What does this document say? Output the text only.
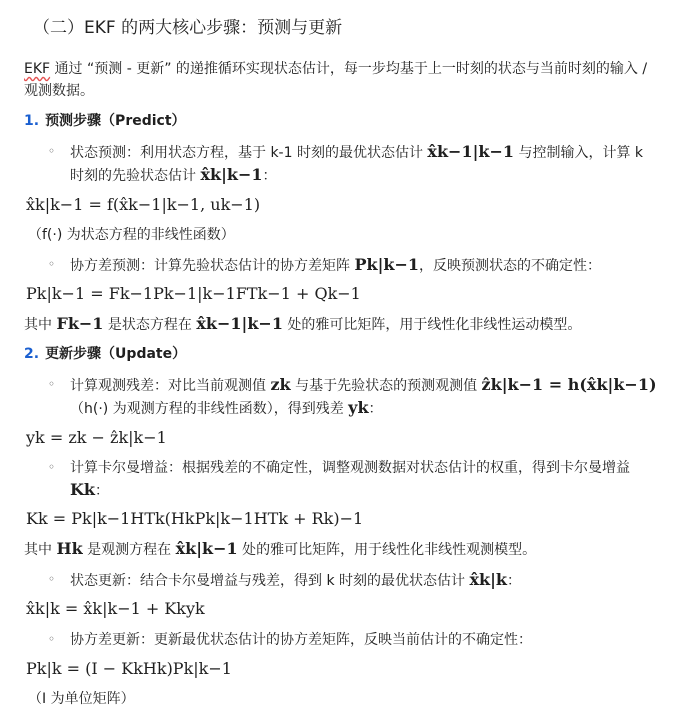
（二）EKF 的两大核心步骤：预测与更新
EKF 通过 “预测 - 更新” 的递推循环实现状态估计，每一步均基于上一时刻的状态与当前时刻的输入 / 观测数据。
1. 预测步骤（Predict）
◦ 状态预测：利用状态方程，基于 k-1 时刻的最优状态估计 x̂k−1|k−1 与控制输入，计算 k 时刻的先验状态估计 x̂k|k−1：
x̂k|k−1 = f(x̂k−1|k−1, uk−1)
（f(·) 为状态方程的非线性函数）
◦ 协方差预测：计算先验状态估计的协方差矩阵 Pk|k−1，反映预测状态的不确定性：
Pk|k−1 = Fk−1Pk−1|k−1FTk−1 + Qk−1
其中 Fk−1 是状态方程在 x̂k−1|k−1 处的雅可比矩阵，用于线性化非线性运动模型。
2. 更新步骤（Update）
◦ 计算观测残差：对比当前观测值 zk 与基于先验状态的预测观测值 ẑk|k−1 = h(x̂k|k−1)（h(·) 为观测方程的非线性函数），得到残差 yk：
yk = zk − ẑk|k−1
◦ 计算卡尔曼增益：根据残差的不确定性，调整观测数据对状态估计的权重，得到卡尔曼增益 Kk：
Kk = Pk|k−1HTk(HkPk|k−1HTk + Rk)−1
其中 Hk 是观测方程在 x̂k|k−1 处的雅可比矩阵，用于线性化非线性观测模型。
◦ 状态更新：结合卡尔曼增益与残差，得到 k 时刻的最优状态估计 x̂k|k：
x̂k|k = x̂k|k−1 + Kkyk
◦ 协方差更新：更新最优状态估计的协方差矩阵，反映当前估计的不确定性：
Pk|k = (I − KkHk)Pk|k−1
（I 为单位矩阵）
